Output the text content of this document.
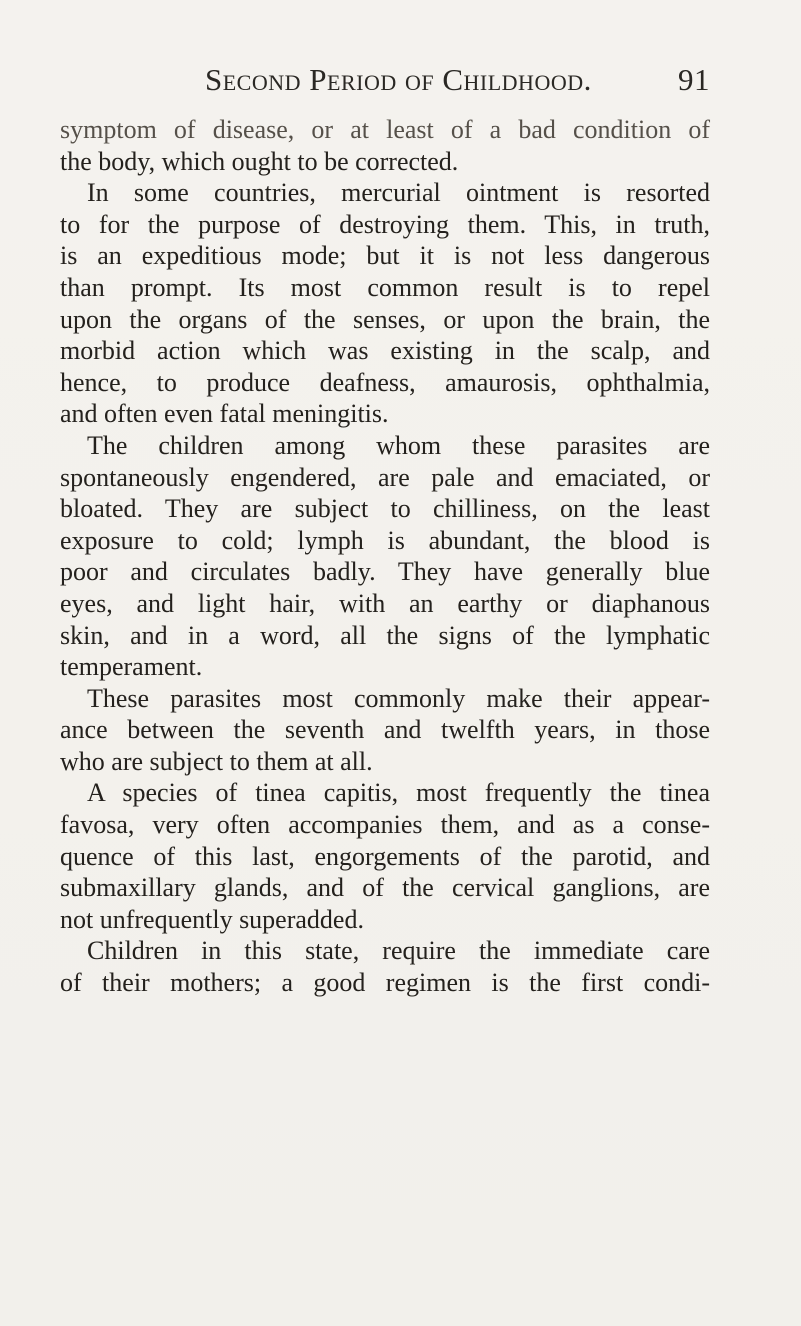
Second Period of Childhood.	91
symptom of disease, or at least of a bad condition of
the body, which ought to be corrected.
In some countries, mercurial ointment is resorted
to for the purpose of destroying them. This, in truth,
is an expeditious mode; but it is not less dangerous
than prompt. Its most common result is to repel
upon the organs of the senses, or upon the brain, the
morbid action which was existing in the scalp, and
hence, to produce deafness, amaurosis, ophthalmia,
and often even fatal meningitis.
The children among whom these parasites are
spontaneously engendered, are pale and emaciated, or
bloated. They are subject to chilliness, on the least
exposure to cold; lymph is abundant, the blood is
poor and circulates badly. They have generally blue
eyes, and light hair, with an earthy or diaphanous
skin, and in a word, all the signs of the lymphatic
temperament.
These parasites most commonly make their appear-
ance between the seventh and twelfth years, in those
who are subject to them at all.
A species of tinea capitis, most frequently the tinea
favosa, very often accompanies them, and as a conse-
quence of this last, engorgements of the parotid, and
submaxillary glands, and of the cervical ganglions, are
not unfrequently superadded.
Children in this state, require the immediate care
of their mothers; a good regimen is the first condi-
